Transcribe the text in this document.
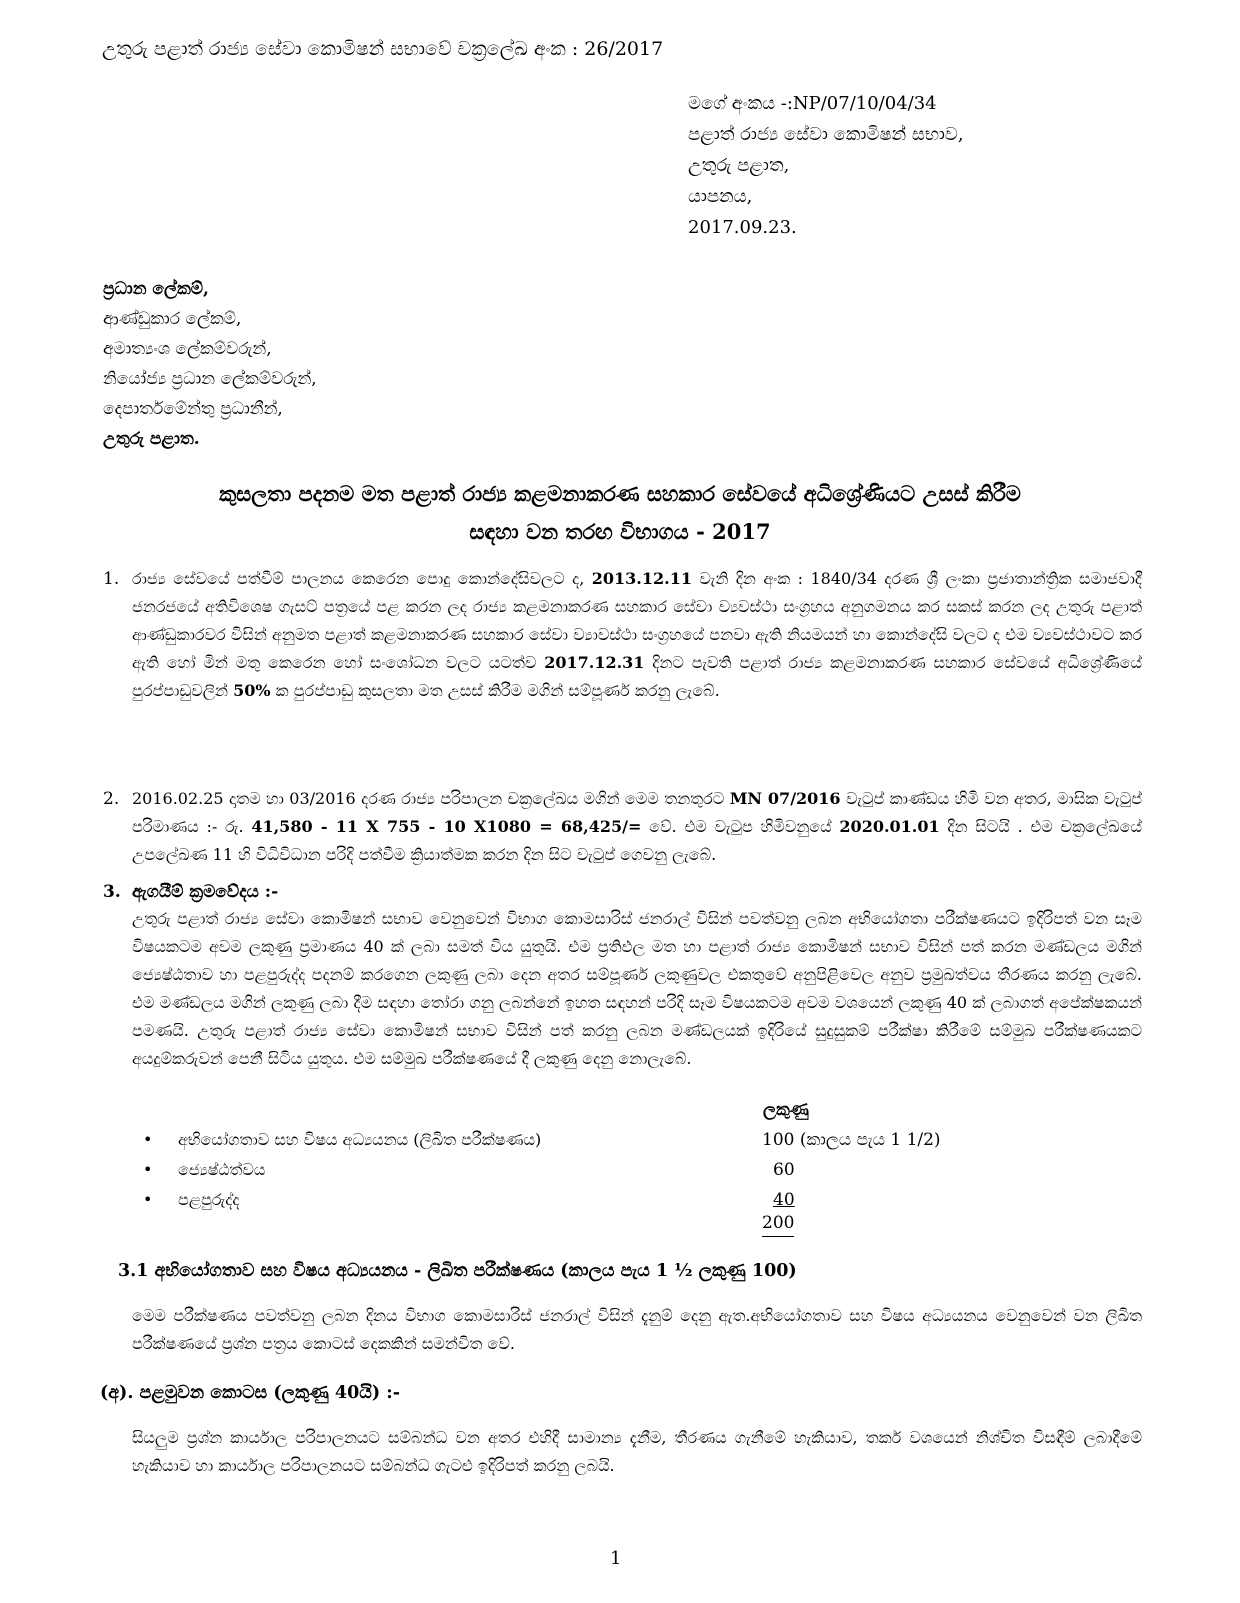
උතුරු පළාත් රාජ්‍ය සේවා කොමිෂන් සභාවේ චක්‍රලේඛ අංක : 26/2017
මගේ අංකය -:NP/07/10/04/34
පළාත් රාජ්‍ය සේවා කොමිෂන් සභාව,
උතුරු පළාත,
යාපනය,
2017.09.23.
ප්‍රධාන ලේකම්,
ආණ්ඩුකාර ලේකම්,
අමාත්‍යංශ ලේකම්වරුන්,
නියෝජ්‍ය ප්‍රධාන ලේකම්වරුන්,
දෙපාර්තමේන්තු ප්‍රධානීන්,
උතුරු පළාත.
කුසලතා පදනම මත පළාත් රාජ්‍ය කළමනාකරණ සහකාර සේවයේ අධිශ්‍රේණියට උසස් කිරීම
සඳහා වන තරඟ විභාගය - 2017
1. රාජ්‍ය සේවයේ පත්වීම් පාලනය කෙරෙන පොදු කොන්දේසිවලට ද, 2013.12.11 වැනි දින අංක : 1840/34 දරණ ශ්‍රී ලංකා ප්‍රජාතාන්ත්‍රික සමාජවාදී ජනරජයේ අතිවිශෙෂ ගැසට් පත්‍රයේ පළ කරන ලද රාජ්‍ය කළමනාකරණ සහකාර සේවා ව්‍යවස්ථා සංග්‍රහය අනුගමනය කර සකස් කරන ලද උතුරු පළාත් ආණ්ඩුකාරවර විසින් අනුමත පළාත් කළමනාකරණ සහකාර සේවා ව්‍යාවස්ථා සංග්‍රහයේ පනවා ඇති නියමයන් හා කොන්දේසි වලට ද එම ව්‍යවස්ථාවට කර ඇති හෝ මින් මතු කෙරෙන හෝ සංශෝධන වලට යටත්ව 2017.12.31 දිනට පැවති පළාත් රාජ්‍ය කළමනාකරණ සහකාර සේවයේ අධිශ්‍රේණියේ පුරප්පාඩුවලින් 50% ක පුරප්පාඩු කුසලතා මත උසස් කිරීම මගින් සම්පූර්ණ කරනු ලැබේ.
2. 2016.02.25 දාතම හා 03/2016 දරණ රාජ්‍ය පරිපාලන චක්‍රලේඛය මගින් මෙම තනතුරට MN 07/2016 වැටුප් කාණ්ඩය හිමි වන අතර, මාසික වැටුප් පරිමාණය :- රු. 41,580 - 11 X 755 - 10 X1080 = 68,425/= වේ. එම වැටුප හිමිවනුයේ 2020.01.01 දින සිටයි . එම චක්‍රලේඛයේ උපලේඛණ 11 හි විධිවිධාන පරිදි පත්වීම ක්‍රියාත්මක කරන දින සිට වැටුප් ගෙවනු ලැබේ.
3. ඇගයීම් ක්‍රමවේදය :-
උතුරු පළාත් රාජ්‍ය සේවා කොමිෂන් සභාව වෙනුවෙන් විභාග කොමසාරිස් ජනරාල් විසින් පවත්වනු ලබන අභියෝගතා පරීක්ෂණයට ඉදිරිපත් වන සෑම විෂයකටම අවම ලකුණු ප්‍රමාණය 40 ක් ලබා සමත් විය යුතුයි. එම ප්‍රතිඵල මත හා පළාත් රාජ්‍ය කොමිෂන් සභාව විසින් පත් කරන මණ්ඩලය මගින් ජ්‍යෙෂ්ඨතාව හා පළපුරුද්ද පදනම් කරගෙන ලකුණු ලබා දෙන අතර සම්පූර්ණ ලකුණුවල එකතුවේ අනුපිළිවෙල අනුව ප්‍රමුඛත්වය තීරණය කරනු ලැබේ. එම මණ්ඩලය මගින් ලකුණු ලබා දීම සඳහා තෝරා ගනු ලබන්නේ ඉහත සඳහන් පරිදි සෑම විෂයකටම අවම වශයෙන් ලකුණු 40 ක් ලබාගත් අපේක්ෂකයන් පමණයි. උතුරු පළාත් රාජ්‍ය සේවා කොමිෂන් සභාව විසින් පත් කරනු ලබන මණ්ඩලයක් ඉදිරියේ සුදුසුකම් පරීක්ෂා කිරීමේ සම්මුඛ පරීක්ෂණයකට අයදුම්කරුවන් පෙනී සිටිය යුතුය. එම සම්මුඛ පරීක්ෂණයේ දී ලකුණු දෙනු නොලැබේ.
ලකුණු
• අභියෝගතාව සහ විෂය අධ්‍යයනය (ලිඛිත පරීක්ෂණය)	100 (කාලය පැය 1 1/2)
• ජ්‍යෙෂ්ඨත්වය	60
• පළපුරුද්ද	40
200
3.1 අභියෝගතාව සහ විෂය අධ්‍යයනය - ලිඛිත පරීක්ෂණය (කාලය පැය 1 ½ ලකුණු 100)
මෙම පරීක්ෂණය පවත්වනු ලබන දිනය විභාග කොමසාරිස් ජනරාල් විසින් දැනුම් දෙනු ඇත.අභියෝගතාව සහ විෂය අධ්‍යයනය වෙනුවෙන් වන ලිඛිත පරීක්ෂණයේ ප්‍රශ්න පත්‍රය කොටස් දෙකකින් සමන්විත වේ.
(අ). පළමුවන කොටස (ලකුණු 40යි) :-
සියලුම ප්‍රශ්න කාර්යාල පරිපාලනයට සම්බන්ධ වන අතර එහිදී සාමාන්‍ය දැනීම, තීරණය ගැනීමේ හැකියාව, තර්ක වශයෙන් නිශ්චිත විසඳීම් ලබාදීමේ හැකියාව හා කාර්යාල පරිපාලනයට සම්බන්ධ ගැටළු ඉදිරිපත් කරනු ලබයි.
1
